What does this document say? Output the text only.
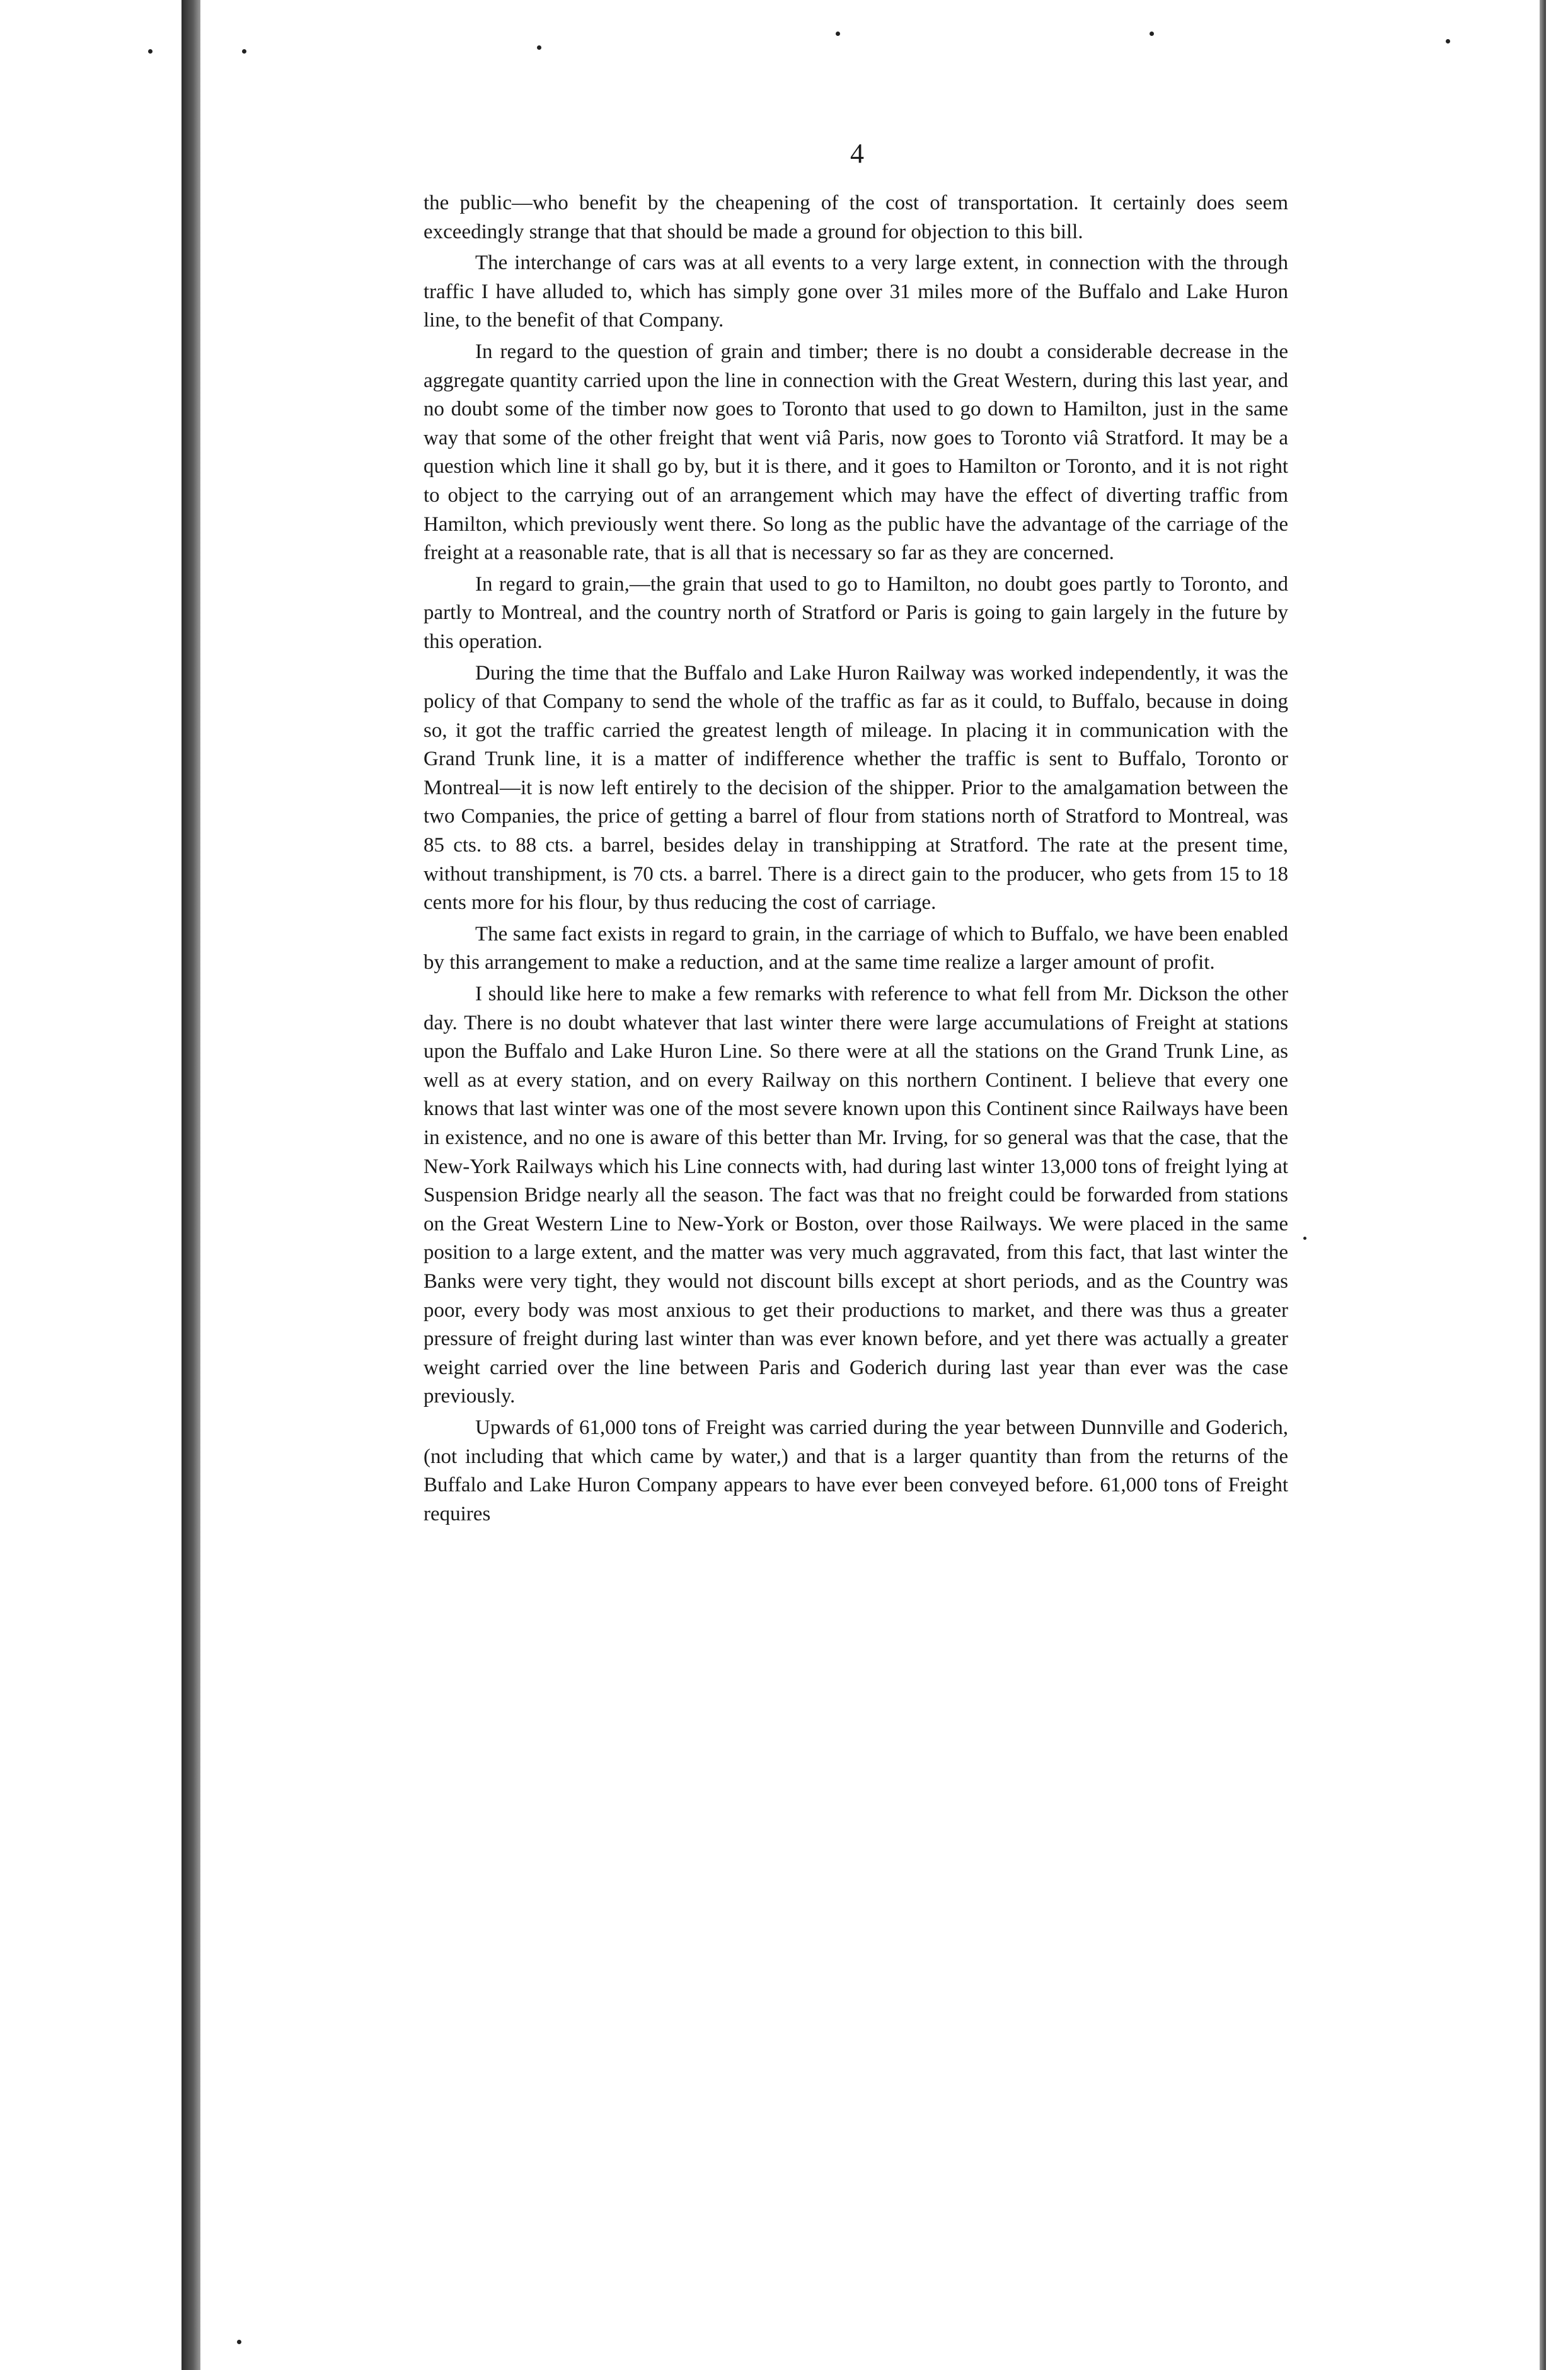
4

the public—who benefit by the cheapening of the cost of transportation. It certainly does seem exceedingly strange that that should be made a ground for objection to this bill.

The interchange of cars was at all events to a very large extent, in connection with the through traffic I have alluded to, which has simply gone over 31 miles more of the Buffalo and Lake Huron line, to the benefit of that Company.

In regard to the question of grain and timber; there is no doubt a considerable decrease in the aggregate quantity carried upon the line in connection with the Great Western, during this last year, and no doubt some of the timber now goes to Toronto that used to go down to Hamilton, just in the same way that some of the other freight that went viâ Paris, now goes to Toronto viâ Stratford. It may be a question which line it shall go by, but it is there, and it goes to Hamilton or Toronto, and it is not right to object to the carrying out of an arrangement which may have the effect of diverting traffic from Hamilton, which previously went there. So long as the public have the advantage of the carriage of the freight at a reasonable rate, that is all that is necessary so far as they are concerned.

In regard to grain,—the grain that used to go to Hamilton, no doubt goes partly to Toronto, and partly to Montreal, and the country north of Stratford or Paris is going to gain largely in the future by this operation.

During the time that the Buffalo and Lake Huron Railway was worked independently, it was the policy of that Company to send the whole of the traffic as far as it could, to Buffalo, because in doing so, it got the traffic carried the greatest length of mileage. In placing it in communication with the Grand Trunk line, it is a matter of indifference whether the traffic is sent to Buffalo, Toronto or Montreal—it is now left entirely to the decision of the shipper. Prior to the amalgamation between the two Companies, the price of getting a barrel of flour from stations north of Stratford to Montreal, was 85 cts. to 88 cts. a barrel, besides delay in transhipping at Stratford. The rate at the present time, without transhipment, is 70 cts. a barrel. There is a direct gain to the producer, who gets from 15 to 18 cents more for his flour, by thus reducing the cost of carriage.

The same fact exists in regard to grain, in the carriage of which to Buffalo, we have been enabled by this arrangement to make a reduction, and at the same time realize a larger amount of profit.

I should like here to make a few remarks with reference to what fell from Mr. Dickson the other day. There is no doubt whatever that last winter there were large accumulations of Freight at stations upon the Buffalo and Lake Huron Line. So there were at all the stations on the Grand Trunk Line, as well as at every station, and on every Railway on this northern Continent. I believe that every one knows that last winter was one of the most severe known upon this Continent since Railways have been in existence, and no one is aware of this better than Mr. Irving, for so general was that the case, that the New-York Railways which his Line connects with, had during last winter 13,000 tons of freight lying at Suspension Bridge nearly all the season. The fact was that no freight could be forwarded from stations on the Great Western Line to New-York or Boston, over those Railways. We were placed in the same position to a large extent, and the matter was very much aggravated, from this fact, that last winter the Banks were very tight, they would not discount bills except at short periods, and as the Country was poor, every body was most anxious to get their productions to market, and there was thus a greater pressure of freight during last winter than was ever known before, and yet there was actually a greater weight carried over the line between Paris and Goderich during last year than ever was the case previously.

Upwards of 61,000 tons of Freight was carried during the year between Dunnville and Goderich, (not including that which came by water,) and that is a larger quantity than from the returns of the Buffalo and Lake Huron Company appears to have ever been conveyed before. 61,000 tons of Freight requires
